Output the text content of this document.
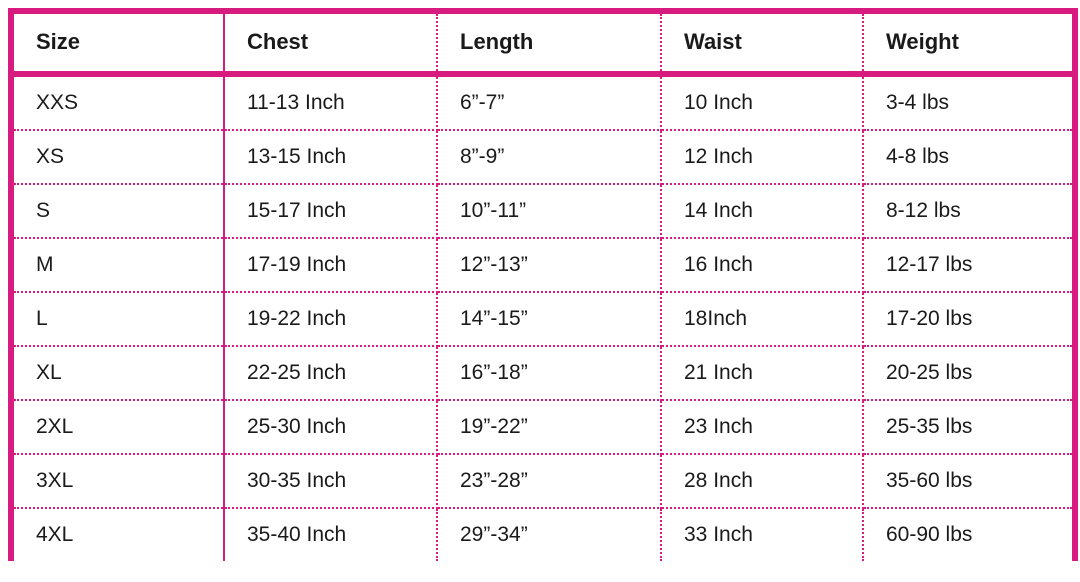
Size	Chest	Length	Waist	Weight
XXS	11-13 Inch	6”-7”	10 Inch	3-4 lbs
XS	13-15 Inch	8”-9”	12 Inch	4-8 lbs
S	15-17 Inch	10”-11”	14 Inch	8-12 lbs
M	17-19 Inch	12”-13”	16 Inch	12-17 lbs
L	19-22 Inch	14”-15”	18Inch	17-20 lbs
XL	22-25 Inch	16”-18”	21 Inch	20-25 lbs
2XL	25-30 Inch	19”-22”	23 Inch	25-35 lbs
3XL	30-35 Inch	23”-28”	28 Inch	35-60 lbs
4XL	35-40 Inch	29”-34”	33 Inch	60-90 lbs
